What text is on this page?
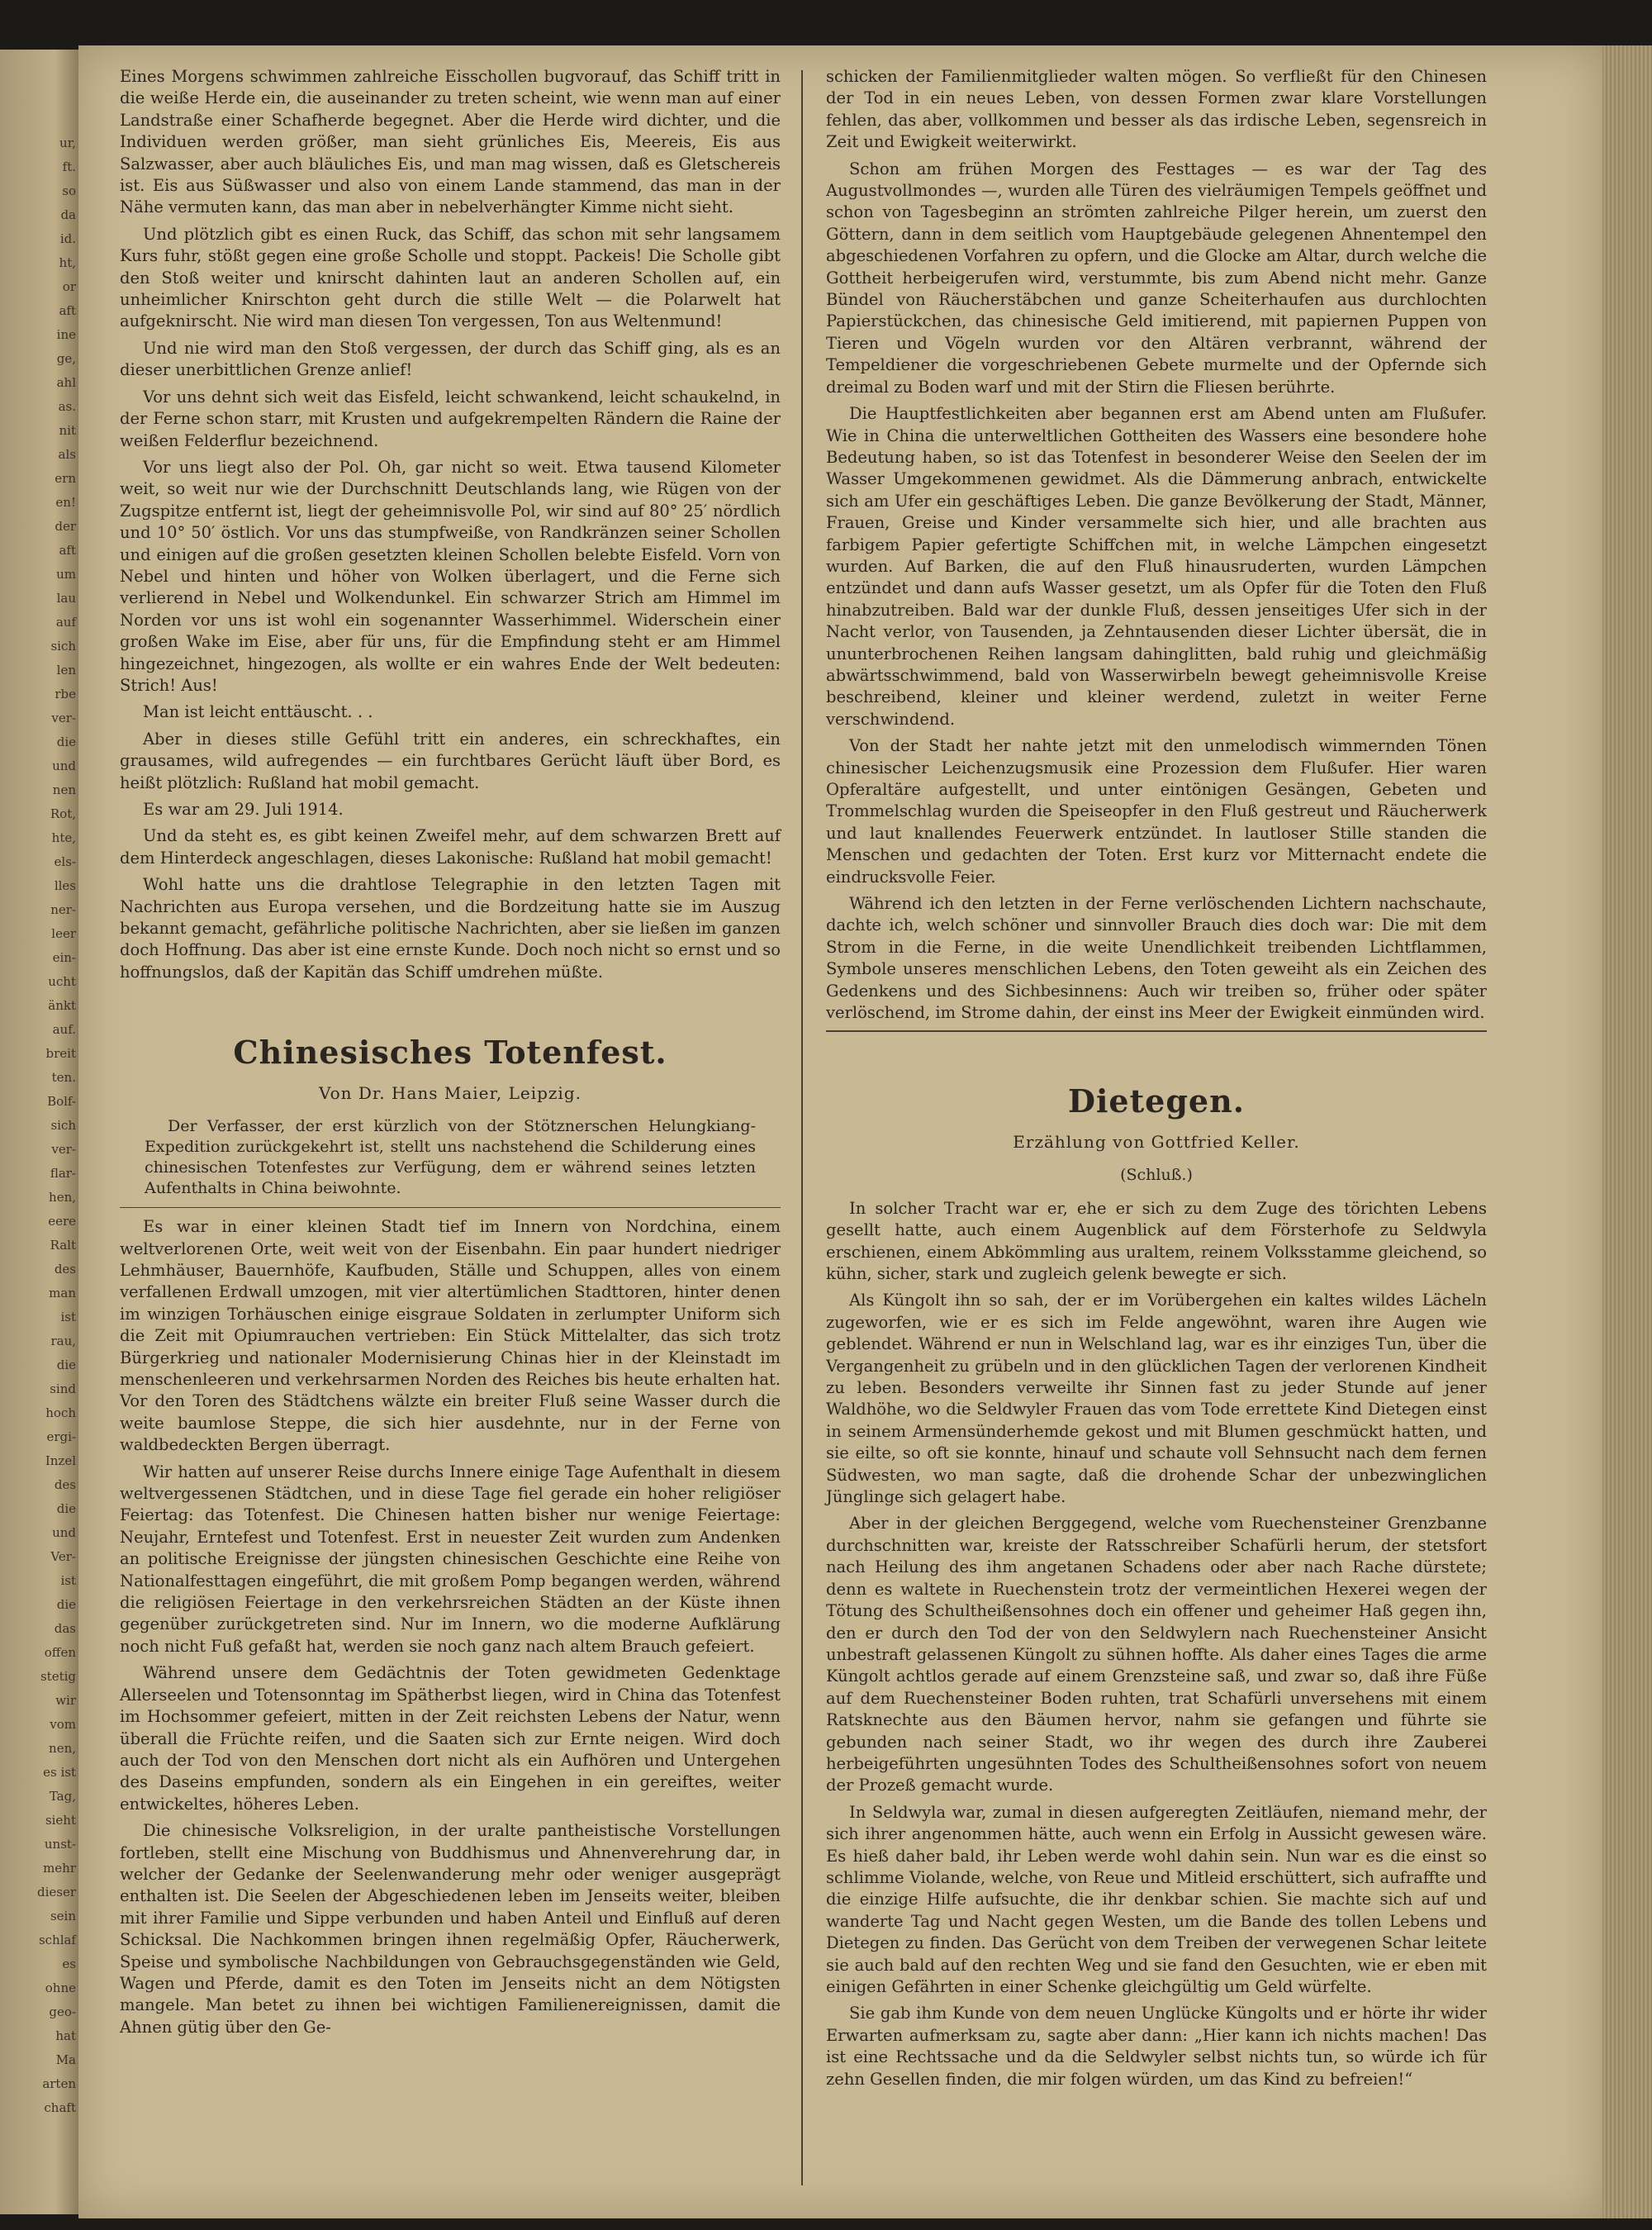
ur,
ft.
so
da
id.
ht,
or
aft
ine
ge,
ahl
as.
nit
als
ern
en!
der
aft
um
lau
auf
sich
len
rbe
ver-
die
und
nen
Rot,
hte,
els-
lles
ner-
leer
ein-
ucht
änkt
auf.
breit
ten.
Bolf-
sich
ver-
flar-
hen,
eere
Ralt
des
man
ist
rau,
die
sind
hoch
ergi-
Inzel
des
die
und
Ver-
ist
die
das
offen
stetig
wir
vom
nen,
es ist
Tag,
sieht
unst-
mehr
dieser
sein
schlaf
es
ohne
geo-
hat
Ma
arten
chaft

Eines Morgens schwimmen zahlreiche Eisschollen bugvorauf, das Schiff tritt in die weiße Herde ein, die auseinander zu treten scheint, wie wenn man auf einer Landstraße einer Schafherde begegnet. Aber die Herde wird dichter, und die Individuen werden größer, man sieht grünliches Eis, Meereis, Eis aus Salzwasser, aber auch bläuliches Eis, und man mag wissen, daß es Gletschereis ist. Eis aus Süßwasser und also von einem Lande stammend, das man in der Nähe vermuten kann, das man aber in nebelverhängter Kimme nicht sieht.

Und plötzlich gibt es einen Ruck, das Schiff, das schon mit sehr langsamem Kurs fuhr, stößt gegen eine große Scholle und stoppt. Packeis! Die Scholle gibt den Stoß weiter und knirscht dahinten laut an anderen Schollen auf, ein unheimlicher Knirschton geht durch die stille Welt — die Polarwelt hat aufgeknirscht. Nie wird man diesen Ton vergessen, Ton aus Weltenmund!

Und nie wird man den Stoß vergessen, der durch das Schiff ging, als es an dieser unerbittlichen Grenze anlief!

Vor uns dehnt sich weit das Eisfeld, leicht schwankend, leicht schaukelnd, in der Ferne schon starr, mit Krusten und aufgekrempelten Rändern die Raine der weißen Felderflur bezeichnend.

Vor uns liegt also der Pol. Oh, gar nicht so weit. Etwa tausend Kilometer weit, so weit nur wie der Durchschnitt Deutschlands lang, wie Rügen von der Zugspitze entfernt ist, liegt der geheimnisvolle Pol, wir sind auf 80° 25′ nördlich und 10° 50′ östlich. Vor uns das stumpfweiße, von Randkränzen seiner Schollen und einigen auf die großen gesetzten kleinen Schollen belebte Eisfeld. Vorn von Nebel und hinten und höher von Wolken überlagert, und die Ferne sich verlierend in Nebel und Wolkendunkel. Ein schwarzer Strich am Himmel im Norden vor uns ist wohl ein sogenannter Wasserhimmel. Widerschein einer großen Wake im Eise, aber für uns, für die Empfindung steht er am Himmel hingezeichnet, hingezogen, als wollte er ein wahres Ende der Welt bedeuten: Strich! Aus!

Man ist leicht enttäuscht. . .

Aber in dieses stille Gefühl tritt ein anderes, ein schreckhaftes, ein grausames, wild aufregendes — ein furchtbares Gerücht läuft über Bord, es heißt plötzlich: Rußland hat mobil gemacht.

Es war am 29. Juli 1914.

Und da steht es, es gibt keinen Zweifel mehr, auf dem schwarzen Brett auf dem Hinterdeck angeschlagen, dieses Lakonische: Rußland hat mobil gemacht!

Wohl hatte uns die drahtlose Telegraphie in den letzten Tagen mit Nachrichten aus Europa versehen, und die Bordzeitung hatte sie im Auszug bekannt gemacht, gefährliche politische Nachrichten, aber sie ließen im ganzen doch Hoffnung. Das aber ist eine ernste Kunde. Doch noch nicht so ernst und so hoffnungslos, daß der Kapitän das Schiff umdrehen müßte.

Chinesisches Totenfest.
Von Dr. Hans Maier, Leipzig.

Der Verfasser, der erst kürzlich von der Stötznerschen Helungkiang-Expedition zurückgekehrt ist, stellt uns nachstehend die Schilderung eines chinesischen Totenfestes zur Verfügung, dem er während seines letzten Aufenthalts in China beiwohnte.

Es war in einer kleinen Stadt tief im Innern von Nordchina, einem weltverlorenen Orte, weit weit von der Eisenbahn. Ein paar hundert niedriger Lehmhäuser, Bauernhöfe, Kaufbuden, Ställe und Schuppen, alles von einem verfallenen Erdwall umzogen, mit vier altertümlichen Stadttoren, hinter denen im winzigen Torhäuschen einige eisgraue Soldaten in zerlumpter Uniform sich die Zeit mit Opiumrauchen vertrieben: Ein Stück Mittelalter, das sich trotz Bürgerkrieg und nationaler Modernisierung Chinas hier in der Kleinstadt im menschenleeren und verkehrsarmen Norden des Reiches bis heute erhalten hat. Vor den Toren des Städtchens wälzte ein breiter Fluß seine Wasser durch die weite baumlose Steppe, die sich hier ausdehnte, nur in der Ferne von waldbedeckten Bergen überragt.

Wir hatten auf unserer Reise durchs Innere einige Tage Aufenthalt in diesem weltvergessenen Städtchen, und in diese Tage fiel gerade ein hoher religiöser Feiertag: das Totenfest. Die Chinesen hatten bisher nur wenige Feiertage: Neujahr, Erntefest und Totenfest. Erst in neuester Zeit wurden zum Andenken an politische Ereignisse der jüngsten chinesischen Geschichte eine Reihe von Nationalfesttagen eingeführt, die mit großem Pomp begangen werden, während die religiösen Feiertage in den verkehrsreichen Städten an der Küste ihnen gegenüber zurückgetreten sind. Nur im Innern, wo die moderne Aufklärung noch nicht Fuß gefaßt hat, werden sie noch ganz nach altem Brauch gefeiert.

Während unsere dem Gedächtnis der Toten gewidmeten Gedenktage Allerseelen und Totensonntag im Spätherbst liegen, wird in China das Totenfest im Hochsommer gefeiert, mitten in der Zeit reichsten Lebens der Natur, wenn überall die Früchte reifen, und die Saaten sich zur Ernte neigen. Wird doch auch der Tod von den Menschen dort nicht als ein Aufhören und Untergehen des Daseins empfunden, sondern als ein Eingehen in ein gereiftes, weiter entwickeltes, höheres Leben.

Die chinesische Volksreligion, in der uralte pantheistische Vorstellungen fortleben, stellt eine Mischung von Buddhismus und Ahnenverehrung dar, in welcher der Gedanke der Seelenwanderung mehr oder weniger ausgeprägt enthalten ist. Die Seelen der Abgeschiedenen leben im Jenseits weiter, bleiben mit ihrer Familie und Sippe verbunden und haben Anteil und Einfluß auf deren Schicksal. Die Nachkommen bringen ihnen regelmäßig Opfer, Räucherwerk, Speise und symbolische Nachbildungen von Gebrauchsgegenständen wie Geld, Wagen und Pferde, damit es den Toten im Jenseits nicht an dem Nötigsten mangele. Man betet zu ihnen bei wichtigen Familienereignissen, damit die Ahnen gütig über den Ge-

schicken der Familienmitglieder walten mögen. So verfließt für den Chinesen der Tod in ein neues Leben, von dessen Formen zwar klare Vorstellungen fehlen, das aber, vollkommen und besser als das irdische Leben, segensreich in Zeit und Ewigkeit weiterwirkt.

Schon am frühen Morgen des Festtages — es war der Tag des Augustvollmondes —, wurden alle Türen des vielräumigen Tempels geöffnet und schon von Tagesbeginn an strömten zahlreiche Pilger herein, um zuerst den Göttern, dann in dem seitlich vom Hauptgebäude gelegenen Ahnentempel den abgeschiedenen Vorfahren zu opfern, und die Glocke am Altar, durch welche die Gottheit herbeigerufen wird, verstummte, bis zum Abend nicht mehr. Ganze Bündel von Räucherstäbchen und ganze Scheiterhaufen aus durchlochten Papierstückchen, das chinesische Geld imitierend, mit papiernen Puppen von Tieren und Vögeln wurden vor den Altären verbrannt, während der Tempeldiener die vorgeschriebenen Gebete murmelte und der Opfernde sich dreimal zu Boden warf und mit der Stirn die Fliesen berührte.

Die Hauptfestlichkeiten aber begannen erst am Abend unten am Flußufer. Wie in China die unterweltlichen Gottheiten des Wassers eine besondere hohe Bedeutung haben, so ist das Totenfest in besonderer Weise den Seelen der im Wasser Umgekommenen gewidmet. Als die Dämmerung anbrach, entwickelte sich am Ufer ein geschäftiges Leben. Die ganze Bevölkerung der Stadt, Männer, Frauen, Greise und Kinder versammelte sich hier, und alle brachten aus farbigem Papier gefertigte Schiffchen mit, in welche Lämpchen eingesetzt wurden. Auf Barken, die auf den Fluß hinausruderten, wurden Lämpchen entzündet und dann aufs Wasser gesetzt, um als Opfer für die Toten den Fluß hinabzutreiben. Bald war der dunkle Fluß, dessen jenseitiges Ufer sich in der Nacht verlor, von Tausenden, ja Zehntausenden dieser Lichter übersät, die in ununterbrochenen Reihen langsam dahinglitten, bald ruhig und gleichmäßig abwärtsschwimmend, bald von Wasserwirbeln bewegt geheimnisvolle Kreise beschreibend, kleiner und kleiner werdend, zuletzt in weiter Ferne verschwindend.

Von der Stadt her nahte jetzt mit den unmelodisch wimmernden Tönen chinesischer Leichenzugsmusik eine Prozession dem Flußufer. Hier waren Opferaltäre aufgestellt, und unter eintönigen Gesängen, Gebeten und Trommelschlag wurden die Speiseopfer in den Fluß gestreut und Räucherwerk und laut knallendes Feuerwerk entzündet. In lautloser Stille standen die Menschen und gedachten der Toten. Erst kurz vor Mitternacht endete die eindrucksvolle Feier.

Während ich den letzten in der Ferne verlöschenden Lichtern nachschaute, dachte ich, welch schöner und sinnvoller Brauch dies doch war: Die mit dem Strom in die Ferne, in die weite Unendlichkeit treibenden Lichtflammen, Symbole unseres menschlichen Lebens, den Toten geweiht als ein Zeichen des Gedenkens und des Sichbesinnens: Auch wir treiben so, früher oder später verlöschend, im Strome dahin, der einst ins Meer der Ewigkeit einmünden wird.

Dietegen.
Erzählung von Gottfried Keller.
(Schluß.)

In solcher Tracht war er, ehe er sich zu dem Zuge des törichten Lebens gesellt hatte, auch einem Augenblick auf dem Försterhofe zu Seldwyla erschienen, einem Abkömmling aus uraltem, reinem Volksstamme gleichend, so kühn, sicher, stark und zugleich gelenk bewegte er sich.

Als Küngolt ihn so sah, der er im Vorübergehen ein kaltes wildes Lächeln zugeworfen, wie er es sich im Felde angewöhnt, waren ihre Augen wie geblendet. Während er nun in Welschland lag, war es ihr einziges Tun, über die Vergangenheit zu grübeln und in den glücklichen Tagen der verlorenen Kindheit zu leben. Besonders verweilte ihr Sinnen fast zu jeder Stunde auf jener Waldhöhe, wo die Seldwyler Frauen das vom Tode errettete Kind Dietegen einst in seinem Armensünderhemde gekost und mit Blumen geschmückt hatten, und sie eilte, so oft sie konnte, hinauf und schaute voll Sehnsucht nach dem fernen Südwesten, wo man sagte, daß die drohende Schar der unbezwinglichen Jünglinge sich gelagert habe.

Aber in der gleichen Berggegend, welche vom Ruechensteiner Grenzbanne durchschnitten war, kreiste der Ratsschreiber Schafürli herum, der stetsfort nach Heilung des ihm angetanen Schadens oder aber nach Rache dürstete; denn es waltete in Ruechenstein trotz der vermeintlichen Hexerei wegen der Tötung des Schultheißensohnes doch ein offener und geheimer Haß gegen ihn, den er durch den Tod der von den Seldwylern nach Ruechensteiner Ansicht unbestraft gelassenen Küngolt zu sühnen hoffte. Als daher eines Tages die arme Küngolt achtlos gerade auf einem Grenzsteine saß, und zwar so, daß ihre Füße auf dem Ruechensteiner Boden ruhten, trat Schafürli unversehens mit einem Ratsknechte aus den Bäumen hervor, nahm sie gefangen und führte sie gebunden nach seiner Stadt, wo ihr wegen des durch ihre Zauberei herbeigeführten ungesühnten Todes des Schultheißensohnes sofort von neuem der Prozeß gemacht wurde.

In Seldwyla war, zumal in diesen aufgeregten Zeitläufen, niemand mehr, der sich ihrer angenommen hätte, auch wenn ein Erfolg in Aussicht gewesen wäre. Es hieß daher bald, ihr Leben werde wohl dahin sein. Nun war es die einst so schlimme Violande, welche, von Reue und Mitleid erschüttert, sich aufraffte und die einzige Hilfe aufsuchte, die ihr denkbar schien. Sie machte sich auf und wanderte Tag und Nacht gegen Westen, um die Bande des tollen Lebens und Dietegen zu finden. Das Gerücht von dem Treiben der verwegenen Schar leitete sie auch bald auf den rechten Weg und sie fand den Gesuchten, wie er eben mit einigen Gefährten in einer Schenke gleichgültig um Geld würfelte.

Sie gab ihm Kunde von dem neuen Unglücke Küngolts und er hörte ihr wider Erwarten aufmerksam zu, sagte aber dann: „Hier kann ich nichts machen! Das ist eine Rechtssache und da die Seldwyler selbst nichts tun, so würde ich für zehn Gesellen finden, die mir folgen würden, um das Kind zu befreien!“
